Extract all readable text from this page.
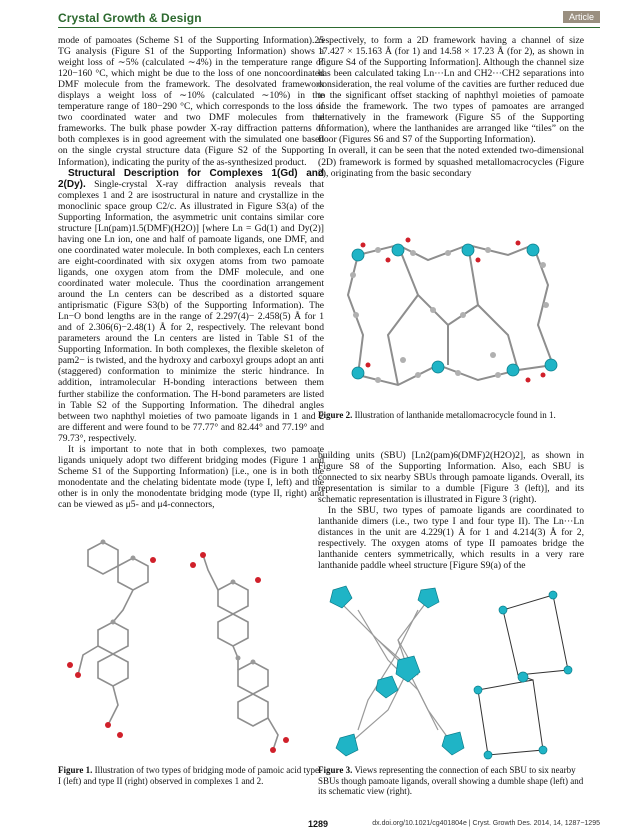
Crystal Growth & Design	Article

mode of pamoates (Scheme S1 of the Supporting Information).25 TG analysis (Figure S1 of the Supporting Information) shows a weight loss of ∼5% (calculated ∼4%) in the temperature range of 120−160 °C, which might be due to the loss of one noncoordinated DMF molecule from the framework. The desolvated framework displays a weight loss of ∼10% (calculated ∼10%) in the temperature range of 180−290 °C, which corresponds to the loss of two coordinated water and two DMF molecules from the frameworks. The bulk phase powder X-ray diffraction patterns of both complexes is in good agreement with the simulated one based on the single crystal structure data (Figure S2 of the Supporting Information), indicating the purity of the as-synthesized product.

Structural Description for Complexes 1(Gd) and 2(Dy). Single-crystal X-ray diffraction analysis reveals that complexes 1 and 2 are isostructural in nature and crystallize in the monoclinic space group C2/c. As illustrated in Figure S3(a) of the Supporting Information, the asymmetric unit contains similar core structure [Ln(pam)1.5(DMF)(H2O)] [where Ln = Gd(1) and Dy(2)] having one Ln ion, one and half of pamoate ligands, one DMF, and one coordinated water molecule. In both complexes, each Ln centers are eight-coordinated with six oxygen atoms from two pamoate ligands, one oxygen atom from the DMF molecule, and one coordinated water molecule. Thus the coordination arrangement around the Ln centers can be described as a distorted square antiprismatic (Figure S3(b) of the Supporting Information). The Ln−O bond lengths are in the range of 2.297(4)− 2.458(5) Å for 1 and of 2.306(6)−2.48(1) Å for 2, respectively. The relevant bond parameters around the Ln centers are listed in Table S1 of the Supporting Information. In both complexes, the flexible skeleton of pam2− is twisted, and the hydroxy and carboxyl groups adopt an anti (staggered) conformation to minimize the steric hindrance. In addition, intramolecular H-bonding interactions between them further stabilize the conformation. The H-bond parameters are listed in Table S2 of the Supporting Information. The dihedral angles between two naphthyl moieties of two pamoate ligands in 1 and 2 are different and were found to be 77.77° and 82.44° and 77.19° and 79.73°, respectively.

It is important to note that in both complexes, two pamoate ligands uniquely adopt two different bridging modes (Figure 1 and Scheme S1 of the Supporting Information) [i.e., one is in both the monodentate and the chelating bidentate mode (type I, left) and the other is in only the monodentate bridging mode (type II, right) and can be viewed as μ5- and μ4-connectors,

respectively, to form a 2D framework having a channel of size 17.427 × 15.163 Å (for 1) and 14.58 × 17.23 Å (for 2), as shown in Figure S4 of the Supporting Information]. Although the channel size has been calculated taking Ln···Ln and CH2···CH2 separations into consideration, the real volume of the cavities are further reduced due to the significant offset stacking of naphthyl moieties of pamoate inside the framework. The two types of pamoates are arranged alternatively in the framework (Figure S5 of the Supporting Information), where the lanthanides are arranged like “tiles” on the floor (Figures S6 and S7 of the Supporting Information).

In overall, it can be seen that the noted extended two-dimensional (2D) framework is formed by squashed metallomacrocycles (Figure 2), originating from the basic secondary

Figure 2. Illustration of lanthanide metallomacrocycle found in 1.

building units (SBU) [Ln2(pam)6(DMF)2(H2O)2], as shown in Figure S8 of the Supporting Information. Also, each SBU is connected to six nearby SBUs through pamoate ligands. Overall, its representation is similar to a dumble [Figure 3 (left)], and its schematic representation is illustrated in Figure 3 (right).

In the SBU, two types of pamoate ligands are coordinated to lanthanide dimers (i.e., two type I and four type II). The Ln···Ln distances in the unit are 4.229(1) Å for 1 and 4.214(3) Å for 2, respectively. The oxygen atoms of type II pamoates bridge the lanthanide centers symmetrically, which results in a very rare lanthanide paddle wheel structure [Figure S9(a) of the

Figure 1. Illustration of two types of bridging mode of pamoic acid type I (left) and type II (right) observed in complexes 1 and 2.
Figure 3. Views representing the connection of each SBU to six nearby SBUs though pamoate ligands, overall showing a dumble shape (left) and its schematic view (right).
1289	dx.doi.org/10.1021/cg401804e | Cryst. Growth Des. 2014, 14, 1287−1295
